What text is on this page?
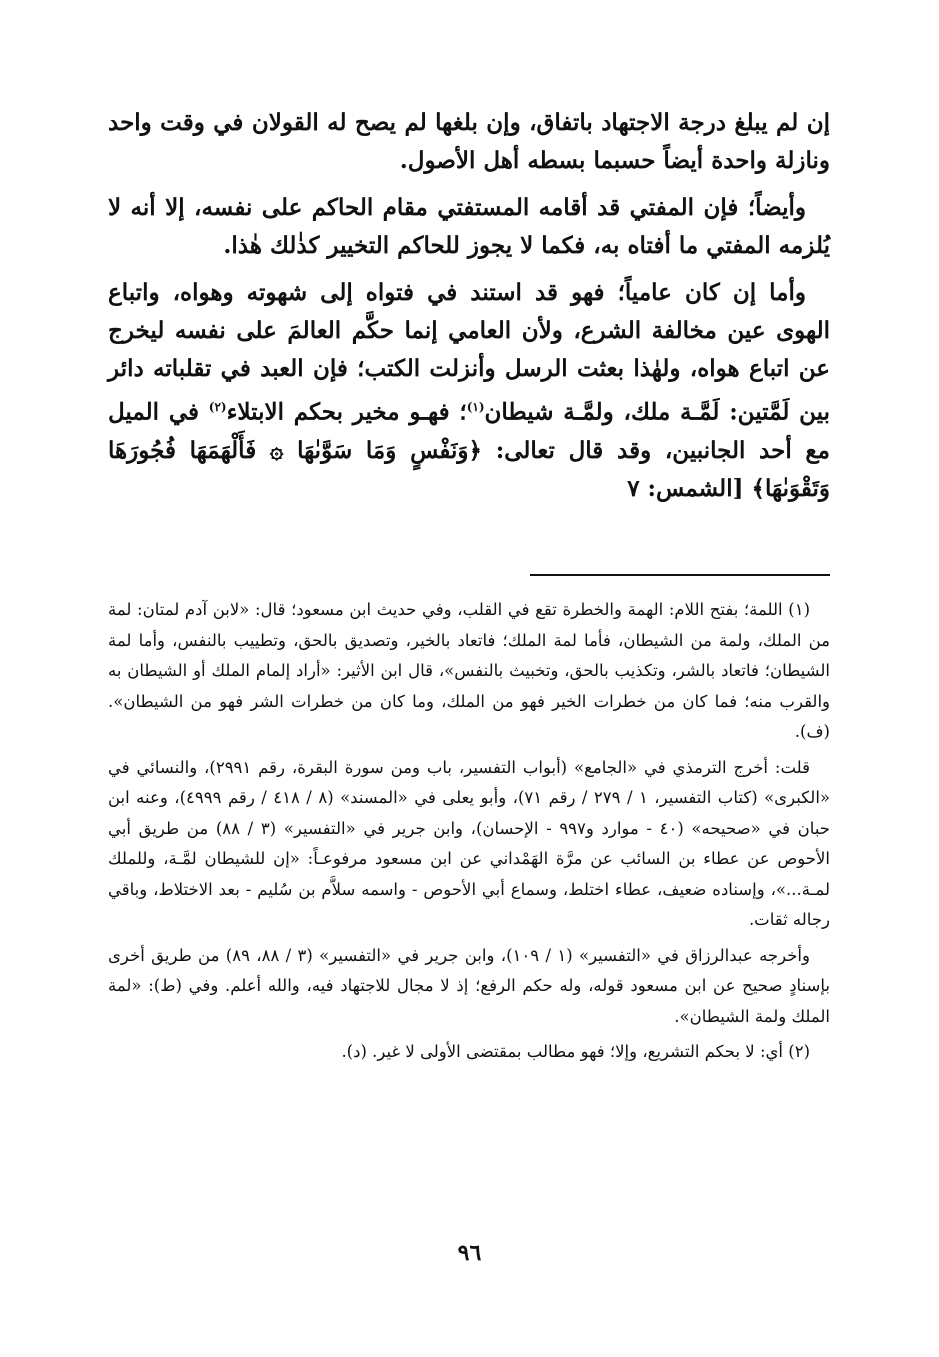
إن لم يبلغ درجة الاجتهاد باتفاق، وإن بلغها لم يصح له القولان في وقت واحد ونازلة واحدة أيضاً حسبما بسطه أهل الأصول.

وأيضاً؛ فإن المفتي قد أقامه المستفتي مقام الحاكم على نفسه، إلا أنه لا يُلزمه المفتي ما أفتاه به، فكما لا يجوز للحاكم التخيير كذٰلك هٰذا.

وأما إن كان عامياً؛ فهو قد استند في فتواه إلى شهوته وهواه، واتباع الهوى عين مخالفة الشرع، ولأن العامي إنما حكَّم العالمَ على نفسه ليخرج عن اتباع هواه، ولهٰذا بعثت الرسل وأنزلت الكتب؛ فإن العبد في تقلباته دائر بين لَمَّتين: لَمَّـة ملك، ولمَّـة شيطان$^{(١)}$؛ فهـو مخير بحكم الابتلاء$^{(٢)}$ في الميل مع أحد الجانبين، وقد قال تعالى: ﴿وَنَفْسٍ وَمَا سَوَّىٰهَا ۞ فَأَلْهَمَهَا فُجُورَهَا وَتَقْوَىٰهَا﴾ [الشمس: ٧

(١) اللمة؛ بفتح اللام: الهمة والخطرة تقع في القلب، وفي حديث ابن مسعود؛ قال: «لابن آدم لمتان: لمة من الملك، ولمة من الشيطان، فأما لمة الملك؛ فاتعاد بالخير، وتصديق بالحق، وتطييب بالنفس، وأما لمة الشيطان؛ فاتعاد بالشر، وتكذيب بالحق، وتخبيث بالنفس»، قال ابن الأثير: «أراد إلمام الملك أو الشيطان به والقرب منه؛ فما كان من خطرات الخير فهو من الملك، وما كان من خطرات الشر فهو من الشيطان». (ف).

قلت: أخرج الترمذي في «الجامع» (أبواب التفسير، باب ومن سورة البقرة، رقم ٢٩٩١)، والنسائي في «الكبرى» (كتاب التفسير، ١ / ٢٧٩ / رقم ٧١)، وأبو يعلى في «المسند» (٨ / ٤١٨ / رقم ٤٩٩٩)، وعنه ابن حبان في «صحيحه» (٤٠ - موارد و٩٩٧ - الإحسان)، وابن جرير في «التفسير» (٣ / ٨٨) من طريق أبي الأحوص عن عطاء بن السائب عن مرَّة الهَمْداني عن ابن مسعود مرفوعـاً: «إن للشيطان لمَّـة، وللملك لمـة...»، وإسناده ضعيف، عطاء اختلط، وسماع أبي الأحوص - واسمه سلاَّم بن سُليم - بعد الاختلاط، وباقي رجاله ثقات.

وأخرجه عبدالرزاق في «التفسير» (١ / ١٠٩)، وابن جرير في «التفسير» (٣ / ٨٨، ٨٩) من طريق أخرى بإسنادٍ صحيح عن ابن مسعود قوله، وله حكم الرفع؛ إذ لا مجال للاجتهاد فيه، والله أعلم. وفي (ط): «لمة الملك ولمة الشيطان».

(٢) أي: لا بحكم التشريع، وإلا؛ فهو مطالب بمقتضى الأولى لا غير. (د).

٩٦
